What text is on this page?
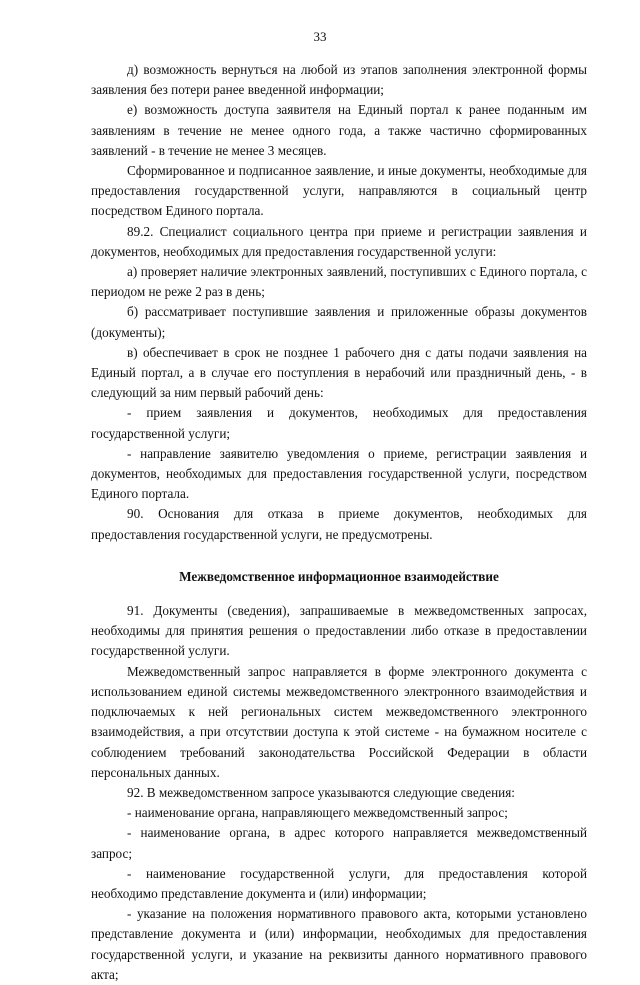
33

д) возможность вернуться на любой из этапов заполнения электронной формы заявления без потери ранее введенной информации;

е) возможность доступа заявителя на Единый портал к ранее поданным им заявлениям в течение не менее одного года, а также частично сформированных заявлений - в течение не менее 3 месяцев.

Сформированное и подписанное заявление, и иные документы, необходимые для предоставления государственной услуги, направляются в социальный центр посредством Единого портала.

89.2. Специалист социального центра при приеме и регистрации заявления и документов, необходимых для предоставления государственной услуги:

а) проверяет наличие электронных заявлений, поступивших с Единого портала, с периодом не реже 2 раз в день;

б) рассматривает поступившие заявления и приложенные образы документов (документы);

в) обеспечивает в срок не позднее 1 рабочего дня с даты подачи заявления на Единый портал, а в случае его поступления в нерабочий или праздничный день, - в следующий за ним первый рабочий день:

- прием заявления и документов, необходимых для предоставления государственной услуги;

- направление заявителю уведомления о приеме, регистрации заявления и документов, необходимых для предоставления государственной услуги, посредством Единого портала.

90. Основания для отказа в приеме документов, необходимых для предоставления государственной услуги, не предусмотрены.

Межведомственное информационное взаимодействие

91. Документы (сведения), запрашиваемые в межведомственных запросах, необходимы для принятия решения о предоставлении либо отказе в предоставлении государственной услуги.

Межведомственный запрос направляется в форме электронного документа с использованием единой системы межведомственного электронного взаимодействия и подключаемых к ней региональных систем межведомственного электронного взаимодействия, а при отсутствии доступа к этой системе - на бумажном носителе с соблюдением требований законодательства Российской Федерации в области персональных данных.

92. В межведомственном запросе указываются следующие сведения:

- наименование органа, направляющего межведомственный запрос;

- наименование органа, в адрес которого направляется межведомственный запрос;

- наименование государственной услуги, для предоставления которой необходимо представление документа и (или) информации;

- указание на положения нормативного правового акта, которыми установлено представление документа и (или) информации, необходимых для предоставления государственной услуги, и указание на реквизиты данного нормативного правового акта;
